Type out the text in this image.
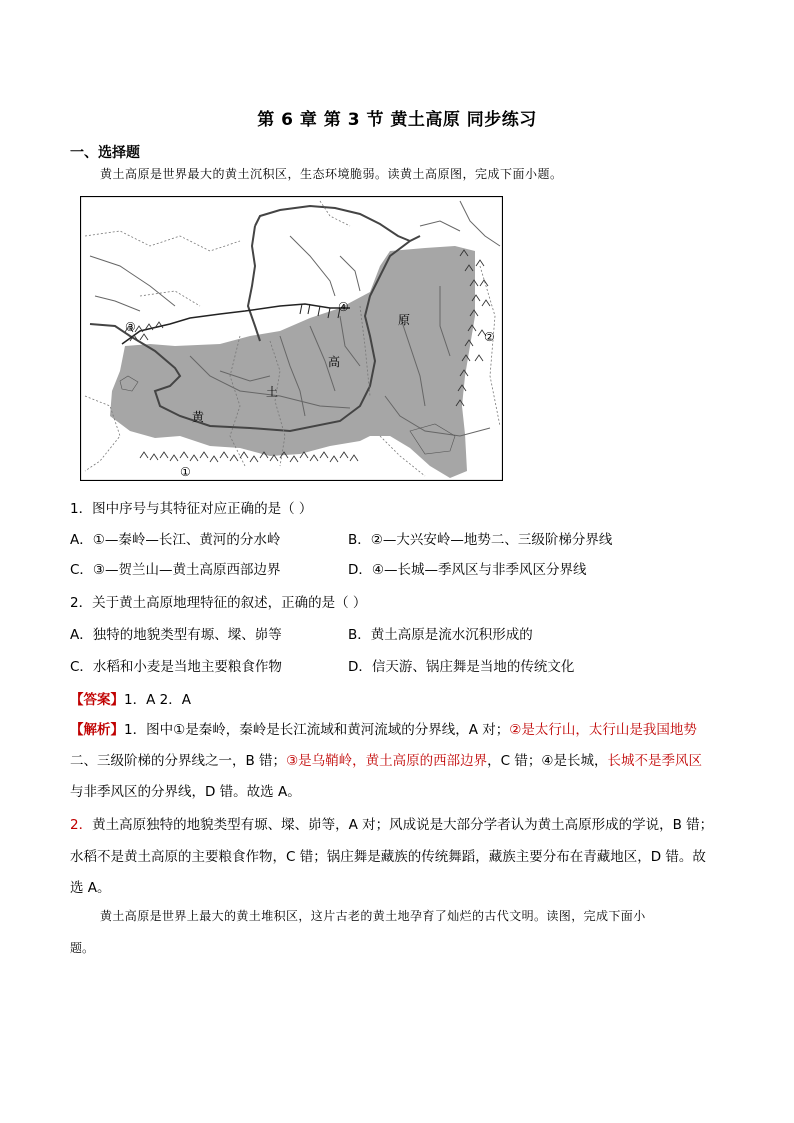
第 6 章 第 3 节 黄土高原 同步练习
一、选择题
黄土高原是世界最大的黄土沉积区，生态环境脆弱。读黄土高原图，完成下面小题。
黄
土
高
原
①
②
③
④
1．图中序号与其特征对应正确的是（ ）
A．①—秦岭—长江、黄河的分水岭	B．②—大兴安岭—地势二、三级阶梯分界线
C．③—贺兰山—黄土高原西部边界	D．④—长城—季风区与非季风区分界线
2．关于黄土高原地理特征的叙述，正确的是（ ）
A．独特的地貌类型有塬、墚、峁等	B．黄土高原是流水沉积形成的
C．水稻和小麦是当地主要粮食作物	D．信天游、锅庄舞是当地的传统文化
【答案】1．A 2．A
【解析】1．图中①是秦岭，秦岭是长江流域和黄河流域的分界线，A 对；②是太行山，太行山是我国地势
二、三级阶梯的分界线之一，B 错；③是乌鞘岭，黄土高原的西部边界，C 错；④是长城，长城不是季风区
与非季风区的分界线，D 错。故选 A。
2．黄土高原独特的地貌类型有塬、墚、峁等，A 对；风成说是大部分学者认为黄土高原形成的学说，B 错；
水稻不是黄土高原的主要粮食作物，C 错；锅庄舞是藏族的传统舞蹈，藏族主要分布在青藏地区，D 错。故
选 A。
黄土高原是世界上最大的黄土堆积区，这片古老的黄土地孕育了灿烂的古代文明。读图，完成下面小
题。
